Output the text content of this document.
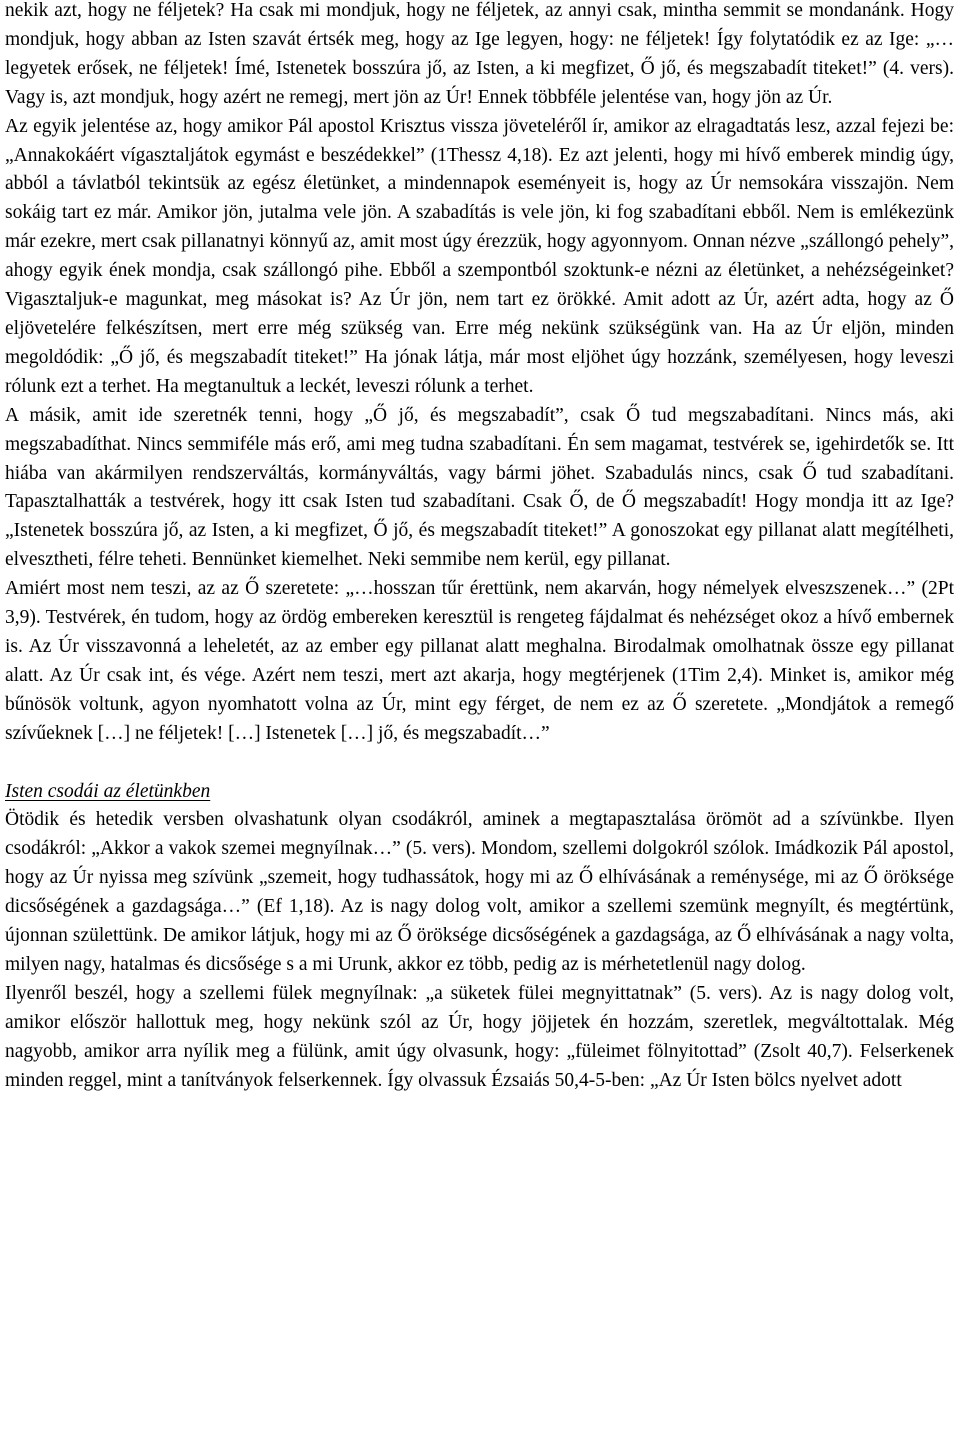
nekik azt, hogy ne féljetek? Ha csak mi mondjuk, hogy ne féljetek, az annyi csak, mintha semmit se mondanánk. Hogy mondjuk, hogy abban az Isten szavát értsék meg, hogy az Ige legyen, hogy: ne féljetek! Így folytatódik ez az Ige: „…legyetek erősek, ne féljetek! Ímé, Istenetek bosszúra jő, az Isten, a ki megfizet, Ő jő, és megszabadít titeket!” (4. vers). Vagy is, azt mondjuk, hogy azért ne remegj, mert jön az Úr! Ennek többféle jelentése van, hogy jön az Úr.

Az egyik jelentése az, hogy amikor Pál apostol Krisztus vissza jöveteléről ír, amikor az elragadtatás lesz, azzal fejezi be: „Annakokáért vígasztaljátok egymást e beszédekkel” (1Thessz 4,18). Ez azt jelenti, hogy mi hívő emberek mindig úgy, abból a távlatból tekintsük az egész életünket, a mindennapok eseményeit is, hogy az Úr nemsokára visszajön. Nem sokáig tart ez már. Amikor jön, jutalma vele jön. A szabadítás is vele jön, ki fog szabadítani ebből. Nem is emlékezünk már ezekre, mert csak pillanatnyi könnyű az, amit most úgy érezzük, hogy agyonnyom. Onnan nézve „szállongó pehely”, ahogy egyik ének mondja, csak szállongó pihe. Ebből a szempontból szoktunk-e nézni az életünket, a nehézségeinket? Vigasztaljuk-e magunkat, meg másokat is? Az Úr jön, nem tart ez örökké. Amit adott az Úr, azért adta, hogy az Ő eljövetelére felkészítsen, mert erre még szükség van. Erre még nekünk szükségünk van. Ha az Úr eljön, minden megoldódik: „Ő jő, és megszabadít titeket!” Ha jónak látja, már most eljöhet úgy hozzánk, személyesen, hogy leveszi rólunk ezt a terhet. Ha megtanultuk a leckét, leveszi rólunk a terhet.

A másik, amit ide szeretnék tenni, hogy „Ő jő, és megszabadít”, csak Ő tud megszabadítani. Nincs más, aki megszabadíthat. Nincs semmiféle más erő, ami meg tudna szabadítani. Én sem magamat, testvérek se, igehirdetők se. Itt hiába van akármilyen rendszerváltás, kormányváltás, vagy bármi jöhet. Szabadulás nincs, csak Ő tud szabadítani. Tapasztalhatták a testvérek, hogy itt csak Isten tud szabadítani. Csak Ő, de Ő megszabadít! Hogy mondja itt az Ige? „Istenetek bosszúra jő, az Isten, a ki megfizet, Ő jő, és megszabadít titeket!” A gonoszokat egy pillanat alatt megítélheti, elvesztheti, félre teheti. Bennünket kiemelhet. Neki semmibe nem kerül, egy pillanat.

Amiért most nem teszi, az az Ő szeretete: „…hosszan tűr érettünk, nem akarván, hogy némelyek elveszszenek…” (2Pt 3,9). Testvérek, én tudom, hogy az ördög embereken keresztül is rengeteg fájdalmat és nehézséget okoz a hívő embernek is. Az Úr visszavonná a leheletét, az az ember egy pillanat alatt meghalna. Birodalmak omolhatnak össze egy pillanat alatt. Az Úr csak int, és vége. Azért nem teszi, mert azt akarja, hogy megtérjenek (1Tim 2,4). Minket is, amikor még bűnösök voltunk, agyon nyomhatott volna az Úr, mint egy férget, de nem ez az Ő szeretete. „Mondjátok a remegő szívűeknek […] ne féljetek! […] Istenetek […] jő, és megszabadít…”

Isten csodái az életünkben

Ötödik és hetedik versben olvashatunk olyan csodákról, aminek a megtapasztalása örömöt ad a szívünkbe. Ilyen csodákról: „Akkor a vakok szemei megnyílnak…” (5. vers). Mondom, szellemi dolgokról szólok. Imádkozik Pál apostol, hogy az Úr nyissa meg szívünk „szemeit, hogy tudhassátok, hogy mi az Ő elhívásának a reménysége, mi az Ő öröksége dicsőségének a gazdagsága…” (Ef 1,18). Az is nagy dolog volt, amikor a szellemi szemünk megnyílt, és megtértünk, újonnan születtünk. De amikor látjuk, hogy mi az Ő öröksége dicsőségének a gazdagsága, az Ő elhívásának a nagy volta, milyen nagy, hatalmas és dicsősége s a mi Urunk, akkor ez több, pedig az is mérhetetlenül nagy dolog.

Ilyenről beszél, hogy a szellemi fülek megnyílnak: „a süketek fülei megnyittatnak” (5. vers). Az is nagy dolog volt, amikor először hallottuk meg, hogy nekünk szól az Úr, hogy jöjjetek én hozzám, szeretlek, megváltottalak. Még nagyobb, amikor arra nyílik meg a fülünk, amit úgy olvasunk, hogy: „füleimet fölnyitottad” (Zsolt 40,7). Felserkenek minden reggel, mint a tanítványok felserkennek. Így olvassuk Ézsaiás 50,4-5-ben: „Az Úr Isten bölcs nyelvet adott
